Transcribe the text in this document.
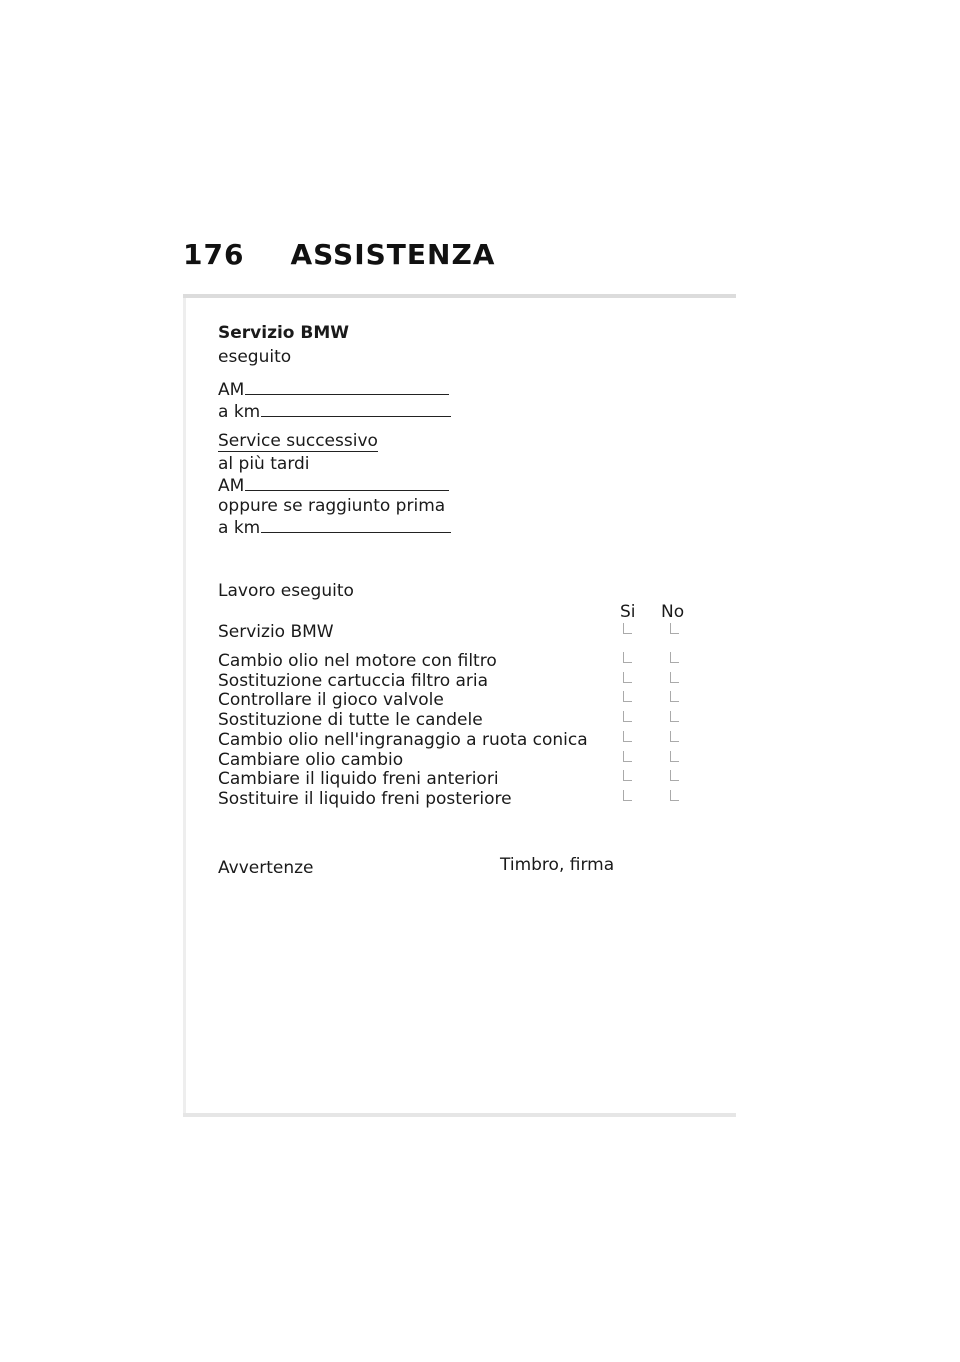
176 ASSISTENZA
Servizio BMW
eseguito
AM
a km
Service successivo
al più tardi
AM
oppure se raggiunto prima
a km
Lavoro eseguito
Si No
Servizio BMW
Cambio olio nel motore con filtro
Sostituzione cartuccia filtro aria
Controllare il gioco valvole
Sostituzione di tutte le candele
Cambio olio nell'ingranaggio a ruota conica
Cambiare olio cambio
Cambiare il liquido freni anteriori
Sostituire il liquido freni posteriore
Avvertenze	Timbro, firma
